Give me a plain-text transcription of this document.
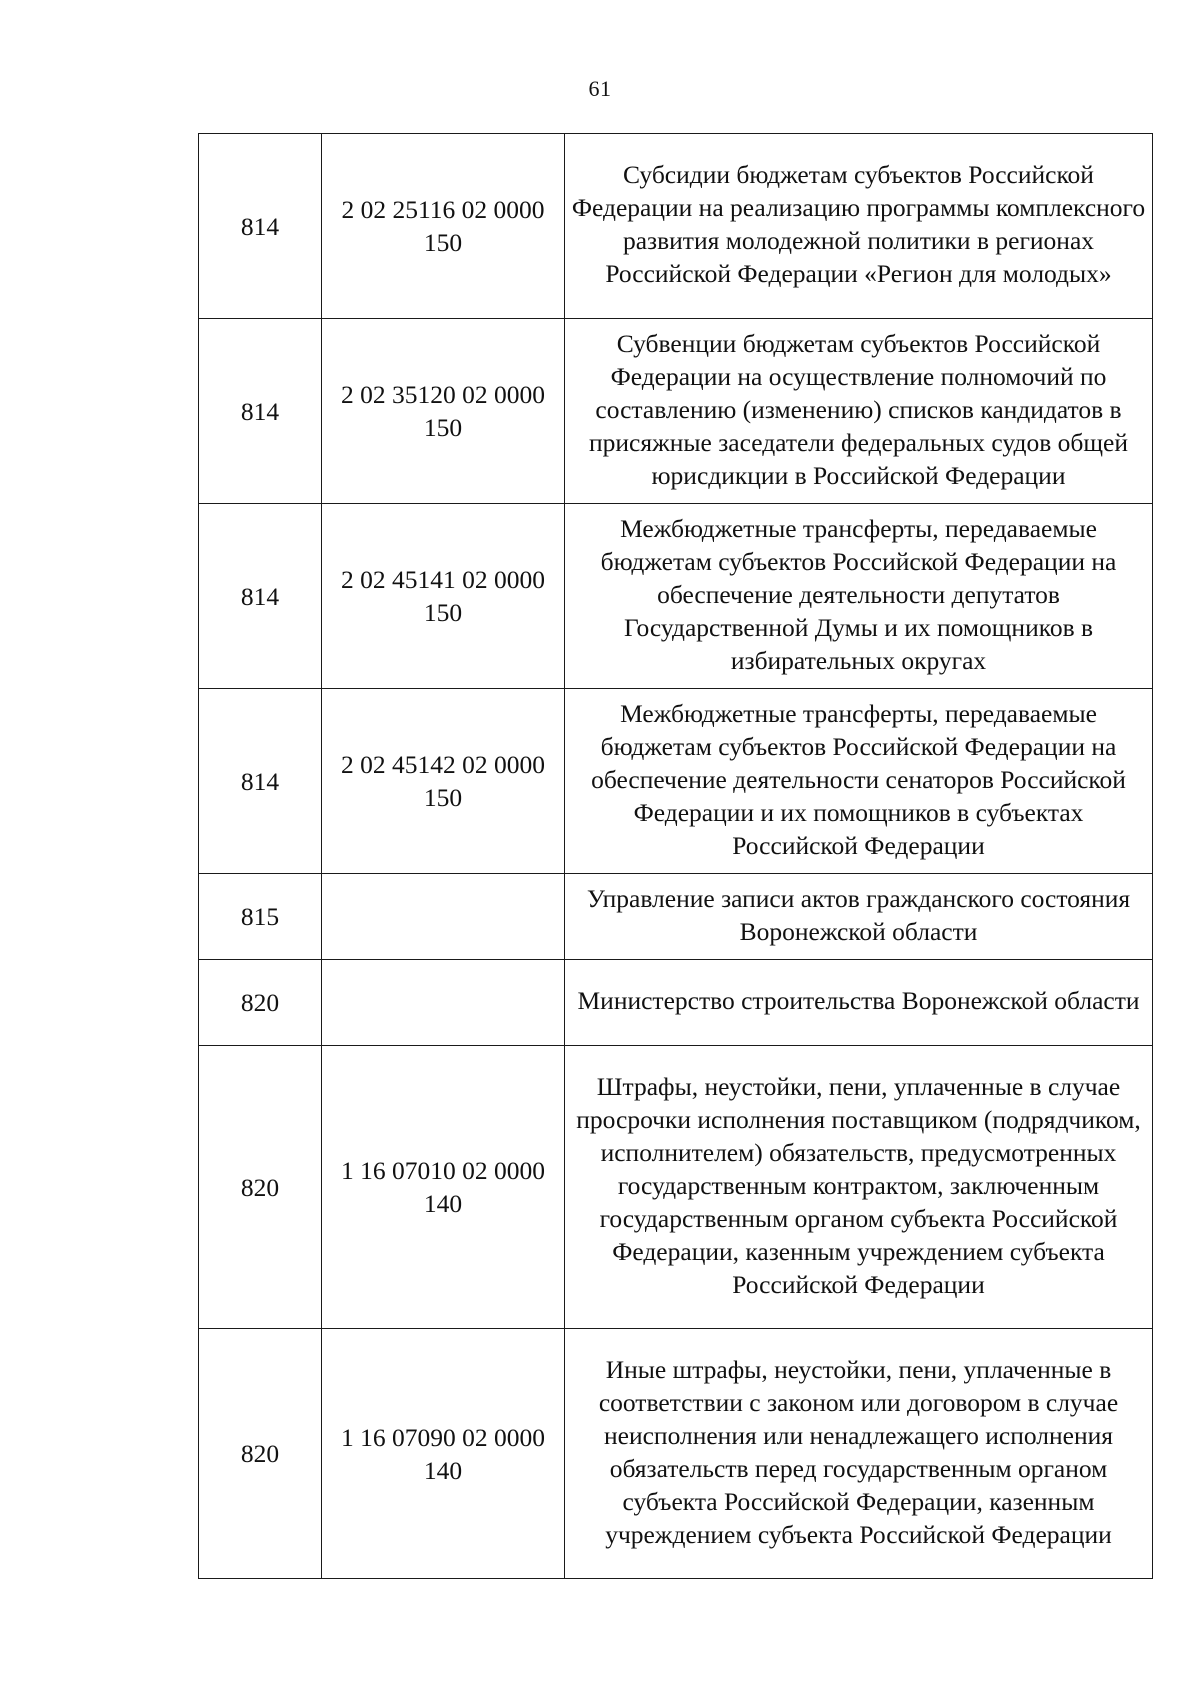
61
814	2 02 25116 02 0000 150	Субсидии бюджетам субъектов Российской Федерации на реализацию программы комплексного развития молодежной политики в регионах Российской Федерации «Регион для молодых»

814	2 02 35120 02 0000 150	Субвенции бюджетам субъектов Российской Федерации на осуществление полномочий по составлению (изменению) списков кандидатов в присяжные заседатели федеральных судов общей юрисдикции в Российской Федерации

814	2 02 45141 02 0000 150	Межбюджетные трансферты, передаваемые бюджетам субъектов Российской Федерации на обеспечение деятельности депутатов Государственной Думы и их помощников в избирательных округах

814	2 02 45142 02 0000 150	Межбюджетные трансферты, передаваемые бюджетам субъектов Российской Федерации на обеспечение деятельности сенаторов Российской Федерации и их помощников в субъектах Российской Федерации

815		Управление записи актов гражданского состояния Воронежской области

820		Министерство строительства Воронежской области

820	1 16 07010 02 0000 140	Штрафы, неустойки, пени, уплаченные в случае просрочки исполнения поставщиком (подрядчиком, исполнителем) обязательств, предусмотренных государственным контрактом, заключенным государственным органом субъекта Российской Федерации, казенным учреждением субъекта Российской Федерации

820	1 16 07090 02 0000 140	Иные штрафы, неустойки, пени, уплаченные в соответствии с законом или договором в случае неисполнения или ненадлежащего исполнения обязательств перед государственным органом субъекта Российской Федерации, казенным учреждением субъекта Российской Федерации
